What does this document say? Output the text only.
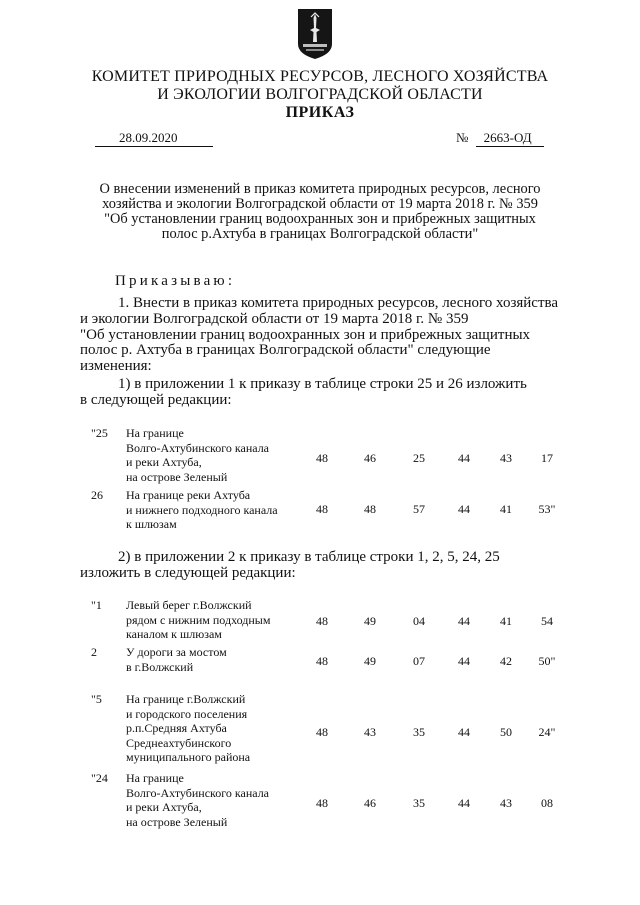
КОМИТЕТ ПРИРОДНЫХ РЕСУРСОВ, ЛЕСНОГО ХОЗЯЙСТВА
И ЭКОЛОГИИ ВОЛГОГРАДСКОЙ ОБЛАСТИ
ПРИКАЗ
28.09.2020	№ 2663-ОД
О внесении изменений в приказ комитета природных ресурсов, лесного
хозяйства и экологии Волгоградской области от 19 марта 2018 г. № 359
"Об установлении границ водоохранных зон и прибрежных защитных
полос р.Ахтуба в границах Волгоградской области"
Приказываю:
1. Внести в приказ комитета природных ресурсов, лесного хозяйства
и экологии Волгоградской области от 19 марта 2018 г. № 359
"Об установлении границ водоохранных зон и прибрежных защитных
полос р. Ахтуба в границах Волгоградской области" следующие
изменения:
1) в приложении 1 к приказу в таблице строки 25 и 26 изложить
в следующей редакции:
"25 На границе
Волго-Ахтубинского канала
и реки Ахтуба,
на острове Зеленый
48	46	25	44	43	17
26 На границе реки Ахтуба
и нижнего подходного канала
к шлюзам
48	48	57	44	41	53"
2) в приложении 2 к приказу в таблице строки 1, 2, 5, 24, 25
изложить в следующей редакции:
"1 Левый берег г.Волжский
рядом с нижним подходным
каналом к шлюзам
48	49	04	44	41	54
2 У дороги за мостом
в г.Волжский	48	49	07	44	42	50"
"5 На границе г.Волжский
и городского поселения
р.п.Средняя Ахтуба
Среднеахтубинского
муниципального района
48	43	35	44	50	24"
"24 На границе
Волго-Ахтубинского канала
и реки Ахтуба,
на острове Зеленый
48	46	35	44	43	08
